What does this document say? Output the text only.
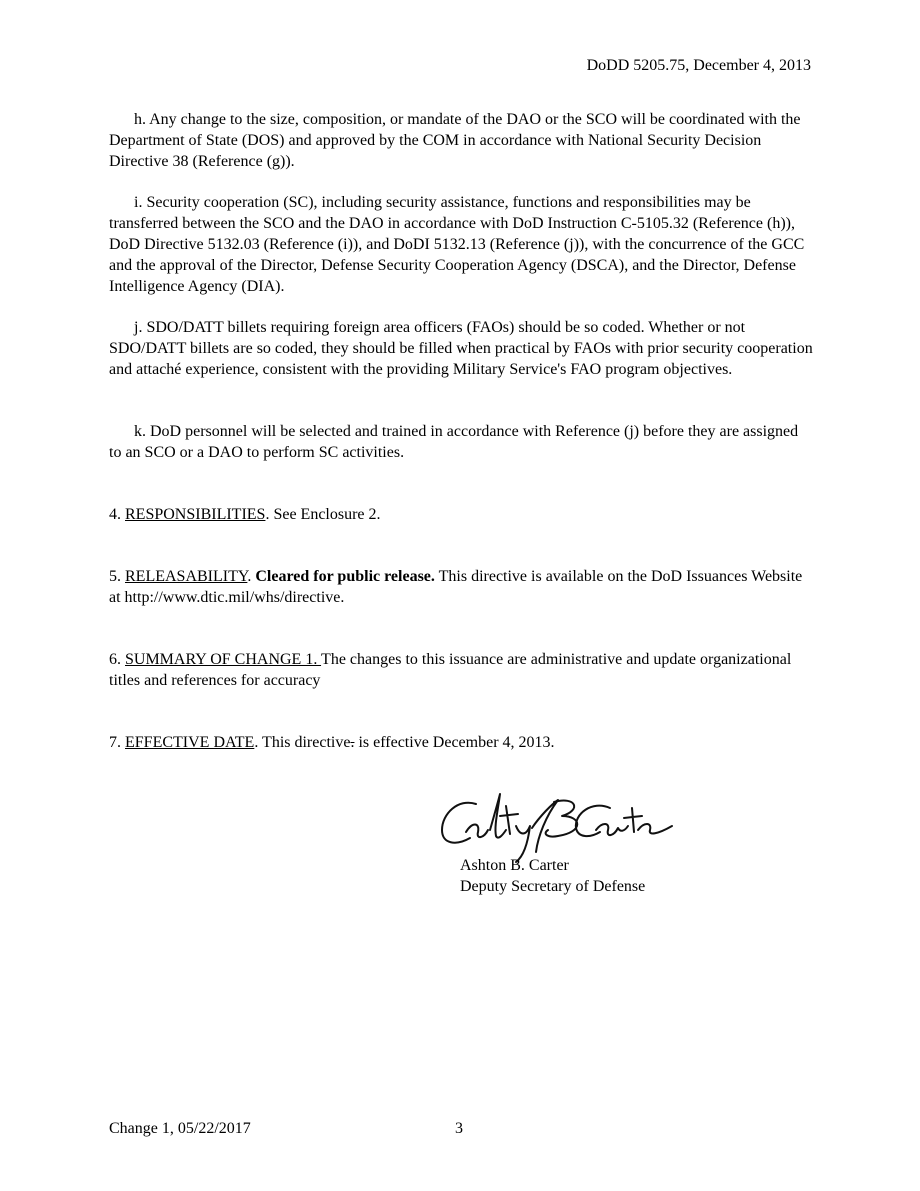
DoDD 5205.75, December 4, 2013
h. Any change to the size, composition, or mandate of the DAO or the SCO will be coordinated with the Department of State (DOS) and approved by the COM in accordance with National Security Decision Directive 38 (Reference (g)).
i. Security cooperation (SC), including security assistance, functions and responsibilities may be transferred between the SCO and the DAO in accordance with DoD Instruction C-5105.32 (Reference (h)), DoD Directive 5132.03 (Reference (i)), and DoDI 5132.13 (Reference (j)), with the concurrence of the GCC and the approval of the Director, Defense Security Cooperation Agency (DSCA), and the Director, Defense Intelligence Agency (DIA).
j. SDO/DATT billets requiring foreign area officers (FAOs) should be so coded. Whether or not SDO/DATT billets are so coded, they should be filled when practical by FAOs with prior security cooperation and attaché experience, consistent with the providing Military Service's FAO program objectives.
k. DoD personnel will be selected and trained in accordance with Reference (j) before they are assigned to an SCO or a DAO to perform SC activities.
4. RESPONSIBILITIES. See Enclosure 2.
5. RELEASABILITY. Cleared for public release. This directive is available on the DoD Issuances Website at http://www.dtic.mil/whs/directive.
6. SUMMARY OF CHANGE 1. The changes to this issuance are administrative and update organizational titles and references for accuracy
7. EFFECTIVE DATE. This directive. is effective December 4, 2013.
Ashton B. Carter
Deputy Secretary of Defense
Change 1, 05/22/2017	3
